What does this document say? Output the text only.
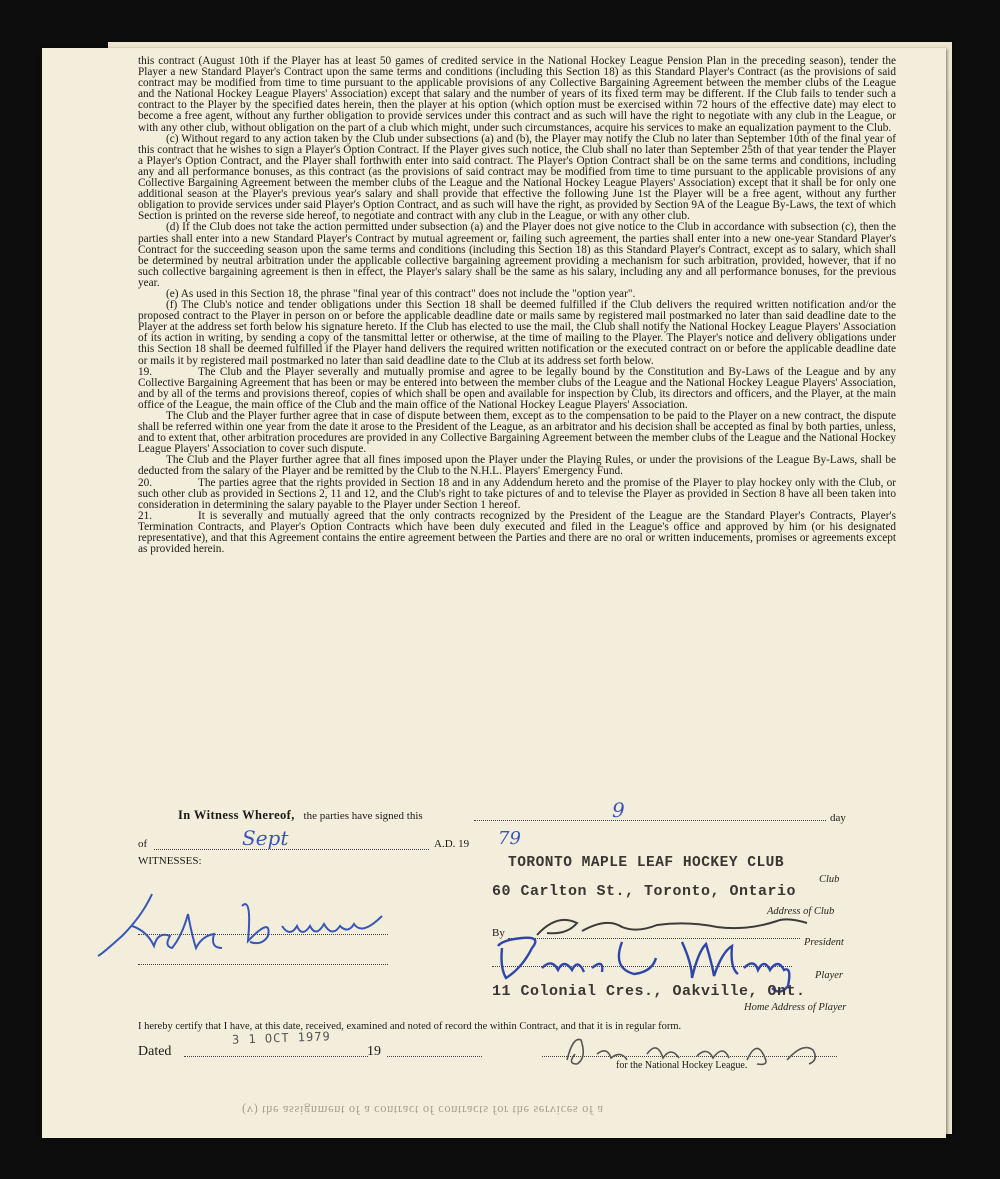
this contract (August 10th if the Player has at least 50 games of credited service in the National Hockey League Pension Plan in the preceding season), tender the Player a new Standard Player's Contract upon the same terms and conditions (including this Section 18) as this Standard Player's Contract (as the provisions of said contract may be modified from time to time pursuant to the applicable provisions of any Collective Bargaining Agreement between the member clubs of the League and the National Hockey League Players' Association) except that salary and the number of years of its fixed term may be different. If the Club fails to tender such a contract to the Player by the specified dates herein, then the player at his option (which option must be exercised within 72 hours of the effective date) may elect to become a free agent, without any further obligation to provide services under this contract and as such will have the right to negotiate with any club in the League, or with any other club, without obligation on the part of a club which might, under such circumstances, acquire his services to make an equalization payment to the Club.

(c) Without regard to any action taken by the Club under subsections (a) and (b), the Player may notify the Club no later than September 10th of the final year of this contract that he wishes to sign a Player's Option Contract. If the Player gives such notice, the Club shall no later than September 25th of that year tender the Player a Player's Option Contract, and the Player shall forthwith enter into said contract. The Player's Option Contract shall be on the same terms and conditions, including any and all performance bonuses, as this contract (as the provisions of said contract may be modified from time to time pursuant to the applicable provisions of any Collective Bargaining Agreement between the member clubs of the League and the National Hockey League Players' Association) except that it shall be for only one additional season at the Player's previous year's salary and shall provide that effective the following June 1st the Player will be a free agent, without any further obligation to provide services under said Player's Option Contract, and as such will have the right, as provided by Section 9A of the League By-Laws, the text of which Section is printed on the reverse side hereof, to negotiate and contract with any club in the League, or with any other club.

(d) If the Club does not take the action permitted under subsection (a) and the Player does not give notice to the Club in accordance with subsection (c), then the parties shall enter into a new Standard Player's Contract by mutual agreement or, failing such agreement, the parties shall enter into a new one-year Standard Player's Contract for the succeeding season upon the same terms and conditions (including this Section 18) as this Standard Player's Contract, except as to salary, which shall be determined by neutral arbitration under the applicable collective bargaining agreement providing a mechanism for such arbitration, provided, however, that if no such collective bargaining agreement is then in effect, the Player's salary shall be the same as his salary, including any and all performance bonuses, for the previous year.

(e) As used in this Section 18, the phrase "final year of this contract" does not include the "option year".

(f) The Club's notice and tender obligations under this Section 18 shall be deemed fulfilled if the Club delivers the required written notification and/or the proposed contract to the Player in person on or before the applicable deadline date or mails same by registered mail postmarked no later than said deadline date to the Player at the address set forth below his signature hereto. If the Club has elected to use the mail, the Club shall notify the National Hockey League Players' Association of its action in writing, by sending a copy of the tansmittal letter or otherwise, at the time of mailing to the Player. The Player's notice and delivery obligations under this Section 18 shall be deemed fulfilled if the Player hand delivers the required written notification or the executed contract on or before the applicable deadline date or mails it by registered mail postmarked no later than said deadline date to the Club at its address set forth below.

19.	The Club and the Player severally and mutually promise and agree to be legally bound by the Constitution and By-Laws of the League and by any Collective Bargaining Agreement that has been or may be entered into between the member clubs of the League and the National Hockey League Players' Association, and by all of the terms and provisions thereof, copies of which shall be open and available for inspection by Club, its directors and officers, and the Player, at the main office of the League, the main office of the Club and the main office of the National Hockey League Players' Association.

The Club and the Player further agree that in case of dispute between them, except as to the compensation to be paid to the Player on a new contract, the dispute shall be referred within one year from the date it arose to the President of the League, as an arbitrator and his decision shall be accepted as final by both parties, unless, and to extent that, other arbitration procedures are provided in any Collective Bargaining Agreement between the member clubs of the League and the National Hockey League Players' Association to cover such dispute.

The Club and the Player further agree that all fines imposed upon the Player under the Playing Rules, or under the provisions of the League By-Laws, shall be deducted from the salary of the Player and be remitted by the Club to the N.H.L. Players' Emergency Fund.

20.	The parties agree that the rights provided in Section 18 and in any Addendum hereto and the promise of the Player to play hockey only with the Club, or such other club as provided in Sections 2, 11 and 12, and the Club's right to take pictures of and to televise the Player as provided in Section 8 have all been taken into consideration in determining the salary payable to the Player under Section 1 hereof.

21.	It is severally and mutually agreed that the only contracts recognized by the President of the League are the Standard Player's Contracts, Player's Termination Contracts, and Player's Option Contracts which have been duly executed and filed in the League's office and approved by him (or his designated representative), and that this Agreement contains the entire agreement between the Parties and there are no oral or written inducements, promises or agreements except as provided herein.

In Witness Whereof, the parties have signed this	9	day
of	Sept	A.D. 19 79
WITNESSES:	TORONTO MAPLE LEAF HOCKEY CLUB
Club
60 Carlton St., Toronto, Ontario
Address of Club
By
President
Player
11 Colonial Cres., Oakville, Ont.
Home Address of Player
I hereby certify that I have, at this date, received, examined and noted of record the within Contract, and that it is in regular form.
Dated
3 1 OCT 1979
19
for the National Hockey League.
(v) the assignment of a contract of contracts for the services of a
